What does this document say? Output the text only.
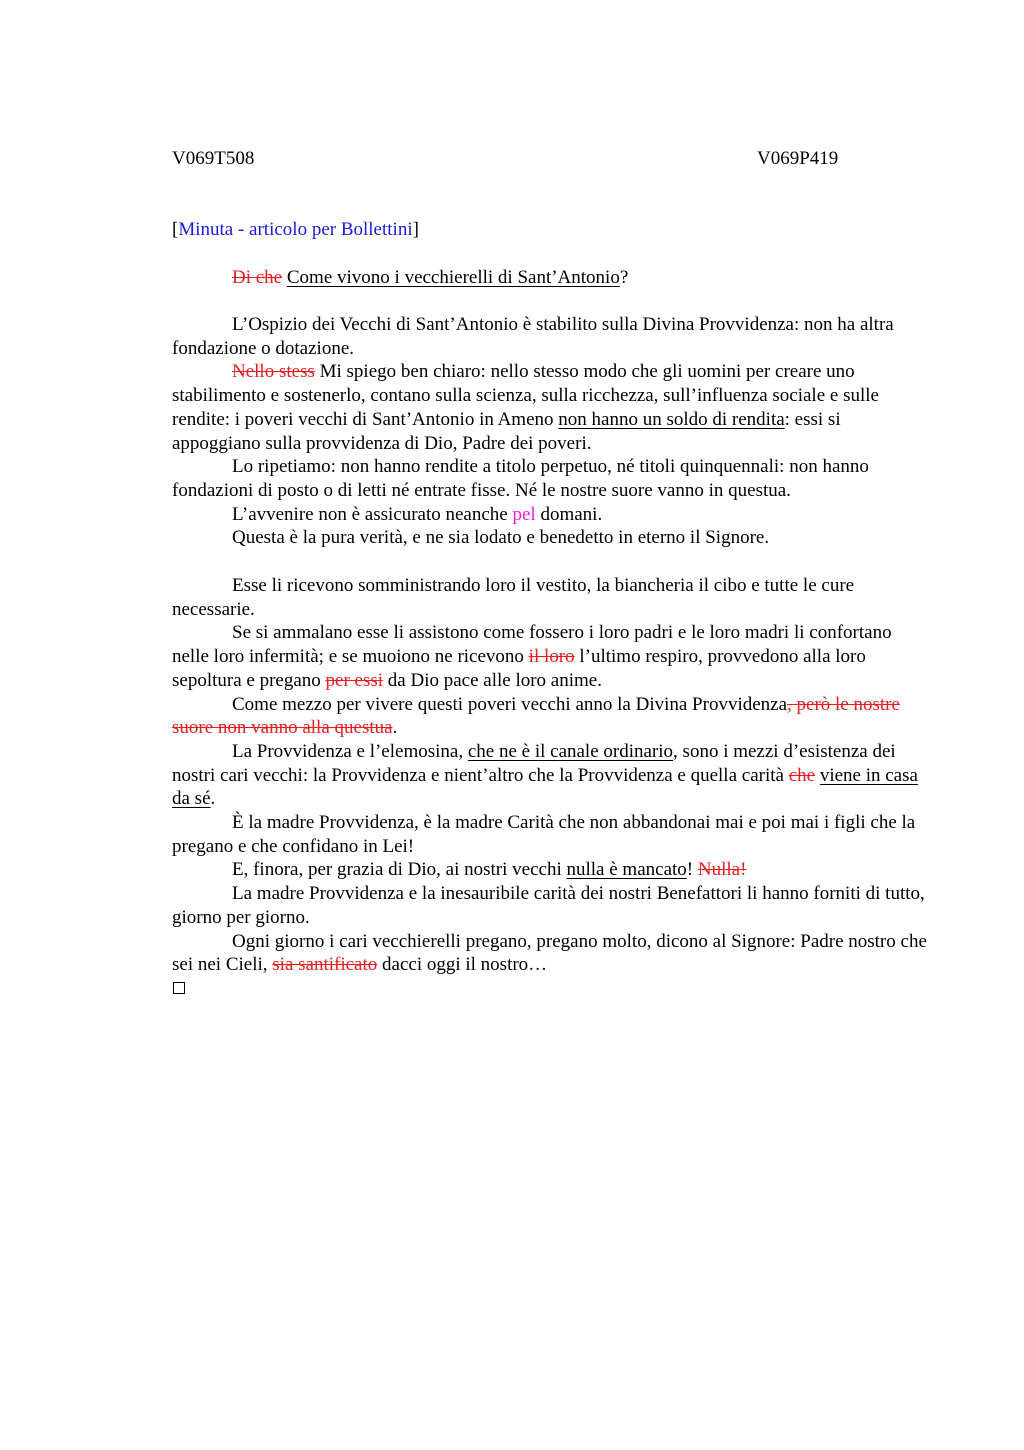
V069T508	V069P419
[Minuta - articolo per Bollettini]
Di che Come vivono i vecchierelli di Sant’Antonio?

L’Ospizio dei Vecchi di Sant’Antonio è stabilito sulla Divina Provvidenza: non ha altra fondazione o dotazione.

Nello stess Mi spiego ben chiaro: nello stesso modo che gli uomini per creare uno stabilimento e sostenerlo, contano sulla scienza, sulla ricchezza, sull’influenza sociale e sulle rendite: i poveri vecchi di Sant’Antonio in Ameno non hanno un soldo di rendita: essi si appoggiano sulla provvidenza di Dio, Padre dei poveri.

Lo ripetiamo: non hanno rendite a titolo perpetuo, né titoli quinquennali: non hanno fondazioni di posto o di letti né entrate fisse. Né le nostre suore vanno in questua.

L’avvenire non è assicurato neanche pel domani.

Questa è la pura verità, e ne sia lodato e benedetto in eterno il Signore.

Esse li ricevono somministrando loro il vestito, la biancheria il cibo e tutte le cure necessarie.

Se si ammalano esse li assistono come fossero i loro padri e le loro madri li confortano nelle loro infermità; e se muoiono ne ricevono il loro l’ultimo respiro, provvedono alla loro sepoltura e pregano per essi da Dio pace alle loro anime.

Come mezzo per vivere questi poveri vecchi anno la Divina Provvidenza, però le nostre suore non vanno alla questua.

La Provvidenza e l’elemosina, che ne è il canale ordinario, sono i mezzi d’esistenza dei nostri cari vecchi: la Provvidenza e nient’altro che la Provvidenza e quella carità che viene in casa da sé.

È la madre Provvidenza, è la madre Carità che non abbandonai mai e poi mai i figli che la pregano e che confidano in Lei!

E, finora, per grazia di Dio, ai nostri vecchi nulla è mancato! Nulla!

La madre Provvidenza e la inesauribile carità dei nostri Benefattori li hanno forniti di tutto, giorno per giorno.

Ogni giorno i cari vecchierelli pregano, pregano molto, dicono al Signore: Padre nostro che sei nei Cieli, sia santificato dacci oggi il nostro…
